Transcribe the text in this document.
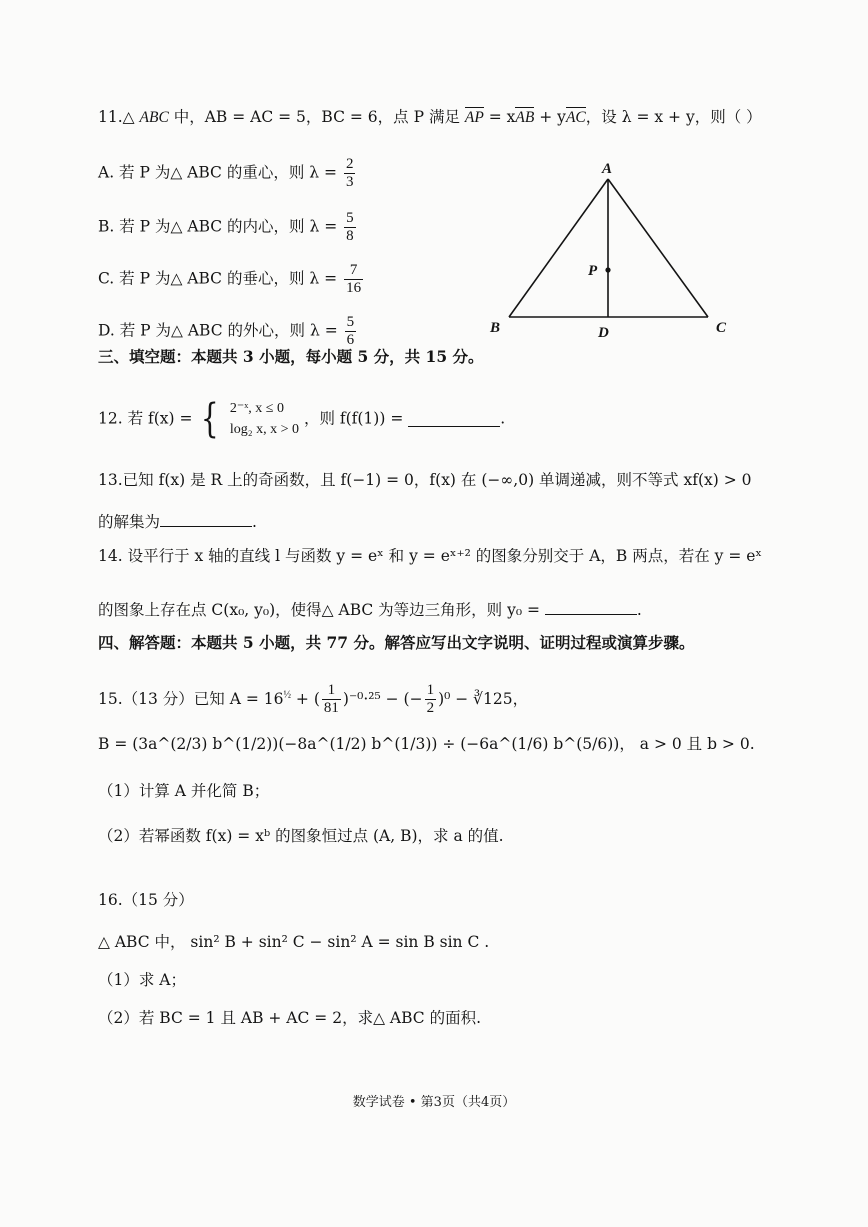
11.△ ABC 中，AB = AC = 5，BC = 6，点 P 满足 AP = xAB + yAC，设 λ = x + y，则（ ）
A. 若 P 为△ ABC 的重心，则 $\lambda = \frac{2}{3}$
B. 若 P 为△ ABC 的内心，则 $\lambda = \frac{5}{8}$
C. 若 P 为△ ABC 的垂心，则 $\lambda = \frac{7}{16}$
D. 若 P 为△ ABC 的外心，则 $\lambda = \frac{5}{6}$
A
B	C
D
P
三、填空题：本题共 3 小题，每小题 5 分，共 15 分。
12. 若 f(x) = { 2⁻ˣ, x ≤ 0
log₂ x, x > 0
，则 f(f(1)) =	.
13.已知 f(x) 是 R 上的奇函数，且 f(−1) = 0，f(x) 在 (−∞,0) 单调递减，则不等式 xf(x) > 0
的解集为	.
14. 设平行于 x 轴的直线 l 与函数 y = eˣ 和 y = eˣ⁺² 的图象分别交于 A，B 两点，若在 y = eˣ
的图象上存在点 C(x₀, y₀)，使得△ ABC 为等边三角形，则 y₀ =	.
四、解答题：本题共 5 小题，共 77 分。解答应写出文字说明、证明过程或演算步骤。
15.（13 分）已知 $A = 16^{\frac{1}{2}}$ + ( $\frac{1}{81} )^{-0}\cdot^{25}$ − (− $\frac{1}{2} )^0$ − ∛125，
B = (3a^(2/3) b^(1/2))(−8a^(1/2) b^(1/3)) ÷ (−6a^(1/6) b^(5/6))， a > 0 且 b > 0.
（1）计算 A 并化简 B；
（2）若幂函数 f(x) = xᵇ 的图象恒过点 (A, B)，求 a 的值.
16.（15 分）
△ ABC 中， sin² B + sin² C − sin² A = sin B sin C .
（1）求 A；
（2）若 BC = 1 且 AB + AC = 2，求△ ABC 的面积.
数学试卷 • 第3页（共4页）
